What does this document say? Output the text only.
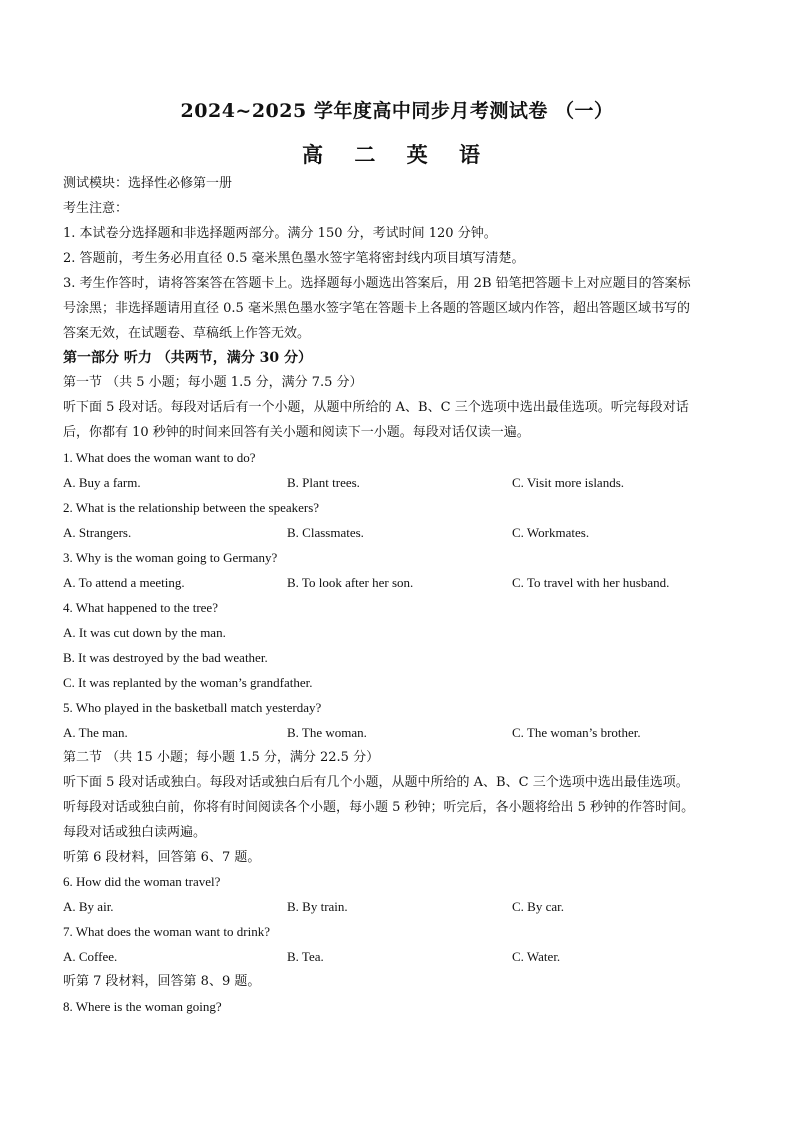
2024~2025 学年度高中同步月考测试卷 （一）
高 二 英 语
测试模块：选择性必修第一册
考生注意：
1. 本试卷分选择题和非选择题两部分。满分 150 分，考试时间 120 分钟。
2. 答题前，考生务必用直径 0.5 毫米黑色墨水签字笔将密封线内项目填写清楚。
3. 考生作答时，请将答案答在答题卡上。选择题每小题选出答案后，用 2B 铅笔把答题卡上对应题目的答案标
号涂黑；非选择题请用直径 0.5 毫米黑色墨水签字笔在答题卡上各题的答题区域内作答，超出答题区域书写的
答案无效，在试题卷、草稿纸上作答无效。
第一部分 听力 （共两节，满分 30 分）
第一节 （共 5 小题；每小题 1.5 分，满分 7.5 分）
听下面 5 段对话。每段对话后有一个小题，从题中所给的 A、B、C 三个选项中选出最佳选项。听完每段对话
后，你都有 10 秒钟的时间来回答有关小题和阅读下一小题。每段对话仅读一遍。
1. What does the woman want to do?
A. Buy a farm.	B. Plant trees.	C. Visit more islands.
2. What is the relationship between the speakers?
A. Strangers.	B. Classmates.	C. Workmates.
3. Why is the woman going to Germany?
A. To attend a meeting.	B. To look after her son.	C. To travel with her husband.
4. What happened to the tree?
A. It was cut down by the man.
B. It was destroyed by the bad weather.
C. It was replanted by the woman’s grandfather.
5. Who played in the basketball match yesterday?
A. The man.	B. The woman.	C. The woman’s brother.
第二节 （共 15 小题；每小题 1.5 分，满分 22.5 分）
听下面 5 段对话或独白。每段对话或独白后有几个小题，从题中所给的 A、B、C 三个选项中选出最佳选项。
听每段对话或独白前，你将有时间阅读各个小题，每小题 5 秒钟；听完后，各小题将给出 5 秒钟的作答时间。
每段对话或独白读两遍。
听第 6 段材料，回答第 6、7 题。
6. How did the woman travel?
A. By air.	B. By train.	C. By car.
7. What does the woman want to drink?
A. Coffee.	B. Tea.	C. Water.
听第 7 段材料，回答第 8、9 题。
8. Where is the woman going?
